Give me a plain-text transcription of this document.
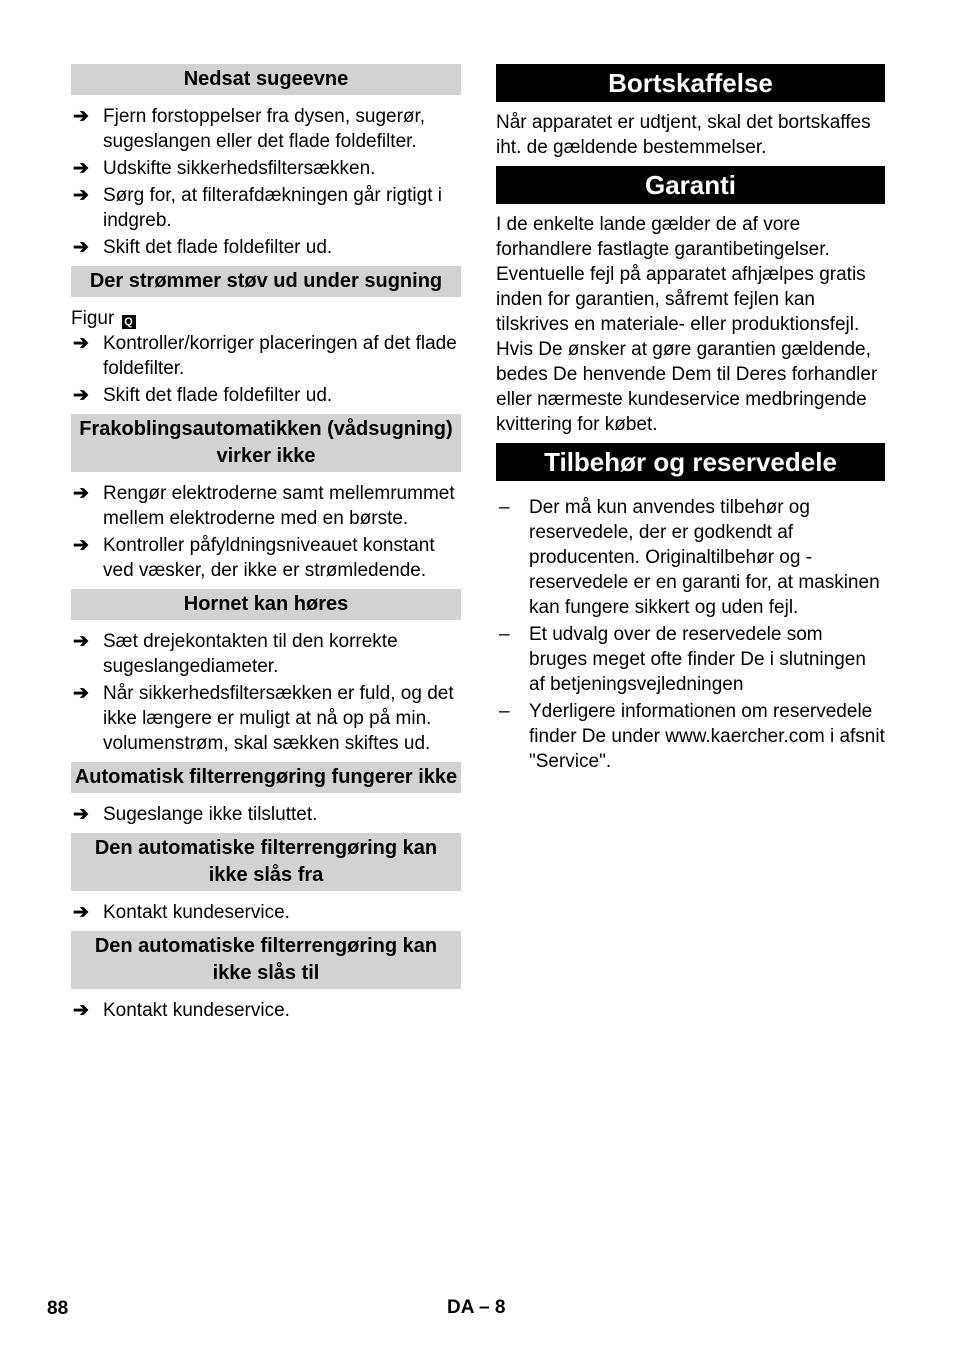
Nedsat sugeevne
➔ Fjern forstoppelser fra dysen, sugerør, sugeslangen eller det flade foldefilter.
➔ Udskifte sikkerhedsfiltersækken.
➔ Sørg for, at filterafdækningen går rigtigt i indgreb.
➔ Skift det flade foldefilter ud.
Der strømmer støv ud under sugning
Figur Q
➔ Kontroller/korriger placeringen af det flade foldefilter.
➔ Skift det flade foldefilter ud.
Frakoblingsautomatikken (vådsugning) virker ikke
➔ Rengør elektroderne samt mellemrummet mellem elektroderne med en børste.
➔ Kontroller påfyldningsniveauet konstant ved væsker, der ikke er strømledende.
Hornet kan høres
➔ Sæt drejekontakten til den korrekte sugeslangediameter.
➔ Når sikkerhedsfiltersækken er fuld, og det ikke længere er muligt at nå op på min. volumenstrøm, skal sækken skiftes ud.
Automatisk filterrengøring fungerer ikke
➔ Sugeslange ikke tilsluttet.
Den automatiske filterrengøring kan ikke slås fra
➔ Kontakt kundeservice.
Den automatiske filterrengøring kan ikke slås til
➔ Kontakt kundeservice.
Bortskaffelse

Når apparatet er udtjent, skal det bortskaffes iht. de gældende bestemmelser.

Garanti

I de enkelte lande gælder de af vore forhandlere fastlagte garantibetingelser. Eventuelle fejl på apparatet afhjælpes gratis inden for garantien, såfremt fejlen kan tilskrives en materiale- eller produktionsfejl. Hvis De ønsker at gøre garantien gældende, bedes De henvende Dem til Deres forhandler eller nærmeste kundeservice medbringende kvittering for købet.

Tilbehør og reservedele
– Der må kun anvendes tilbehør og reservedele, der er godkendt af producenten. Originaltilbehør og -reservedele er en garanti for, at maskinen kan fungere sikkert og uden fejl.
– Et udvalg over de reservedele som bruges meget ofte finder De i slutningen af betjeningsvejledningen
– Yderligere informationen om reservedele finder De under www.kaercher.com i afsnit "Service".
88	DA – 8
